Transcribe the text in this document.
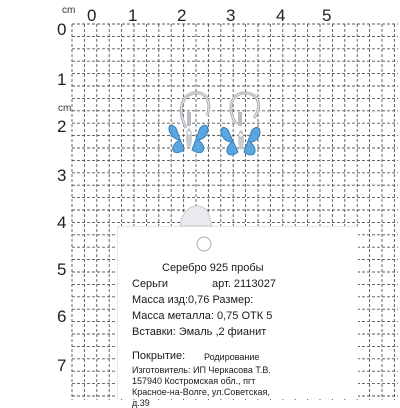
cm
cm
0 1 2 3 4 5
0
1
2
3
4
5
6
7
Серебро 925 пробы
Серьги	арт. 2113027
Масса изд:0,76 Размер:
Масса металла: 0,75 ОТК 5
Вставки: Эмаль ,2 фианит
Покрытие: Родирование
Изготовитель: ИП Черкасова Т.В.
157940 Костромская обл., пгт
Красное-на-Волге, ул.Советская,
д.39
